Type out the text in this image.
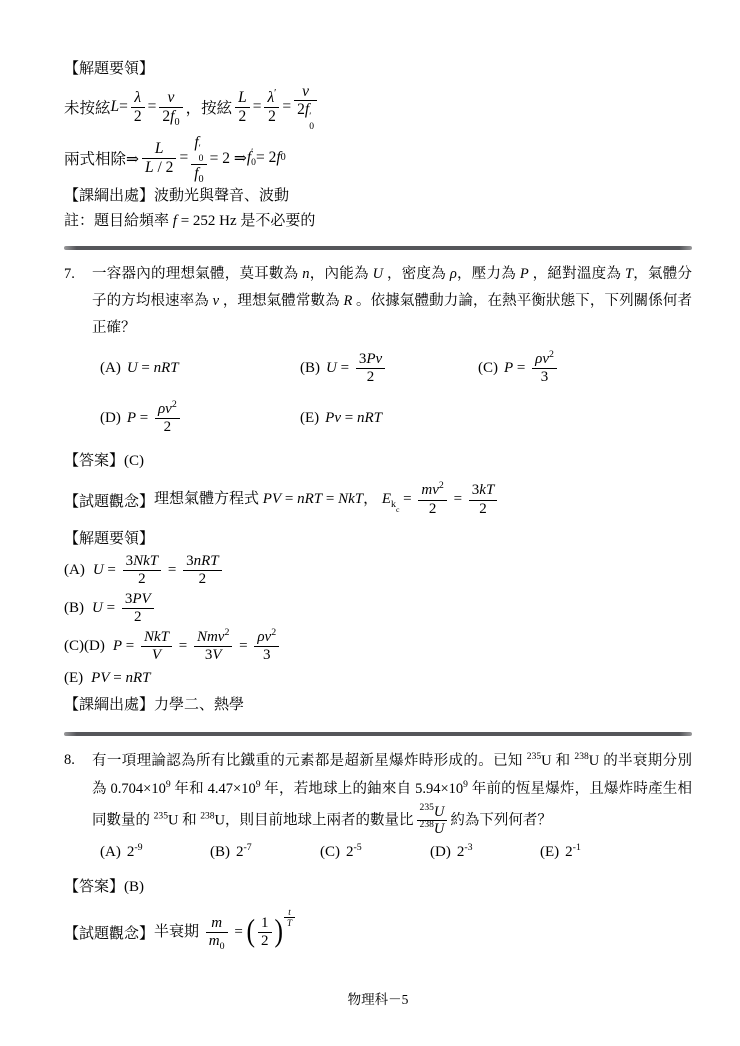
【解題要領】
未按絃 $L = \frac{\lambda}{2} = \frac{v}{2f_0}$ ，按絃 $\frac{L}{2} = \frac{\lambda'}{2} = v$
2f ′
0
兩式相除⇒ $\frac{L}{L / 2} = f$ ′
0
$f_0 = 2$ ⇒ f ′
0 = 2 f 0
【課綱出處】波動光與聲音、波動
註：題目給頻率 f = 252 Hz 是不必要的
7.	一容器內的理想氣體，莫耳數為 n，內能為 U ，密度為 ρ，壓力為 P ，絕對溫度為 T，氣體分子的方均根速率為 v ，理想氣體常數為 R 。依據氣體動力論，在熱平衡狀態下，下列關係何者正確？
(A) U = nRT	(B) $U = \frac{3Pv}{2}$	(C) $P = \frac{\rho v^2}{3}$
(D) $P = \frac{\rho v^2}{2}$	(E) Pv = nRT
【答案】(C)
【試題觀念】 理想氣體方程式 PV = nRT = NkT， $E_{kc} = \frac{mv^2}{2} = \frac{3kT}{2}$
【解題要領】
(A) $U = \frac{\text{3NkT}}{2} = \frac{\text{3nRT}}{2}$
(B) $U = \frac{3PV}{2}$
(C)(D) $P = \frac{\text{NkT}}{V} = \frac{Nmv^2}{3V} = \frac{\rho v^2}{3}$
(E) PV = nRT
【課綱出處】力學二、熱學
8.	有一項理論認為所有比鐵重的元素都是超新星爆炸時形成的。已知 $^{235}$U 和 $^{238}$U 的半衰期分別為 $0.704\times 10^9$ 年和 $4.47\times 10^9$ 年，若地球上的鈾來自 $5.94\times 10^9$ 年前的恆星爆炸，且爆炸時產生相同數量的 $^{235}$U 和 $^{238}$U，則目前地球上兩者的數量比 $\frac{^{235}U}{^{238}U}$ 約為下列何者？
(A) $2^{-9}$	(B) $2^{-7}$	(C) $2^{-5}$	(D) $2^{-3}$	(E) $2^{-1}$
【答案】(B)
【試題觀念】 半衰期 $\frac{m}{m_0}$ = ( $\frac{1}{2}$ ) $\frac{t}{T}$
物理科－5
